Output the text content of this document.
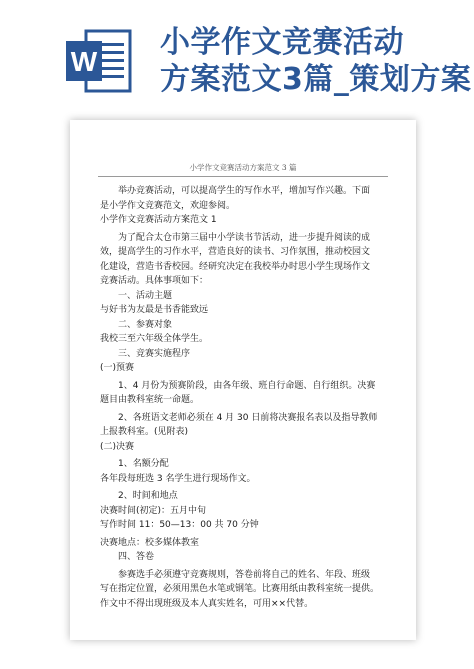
W
小学作文竞赛活动
方案范文3篇_策划方案
小学作文竞赛活动方案范文 3 篇

举办竞赛活动，可以提高学生的写作水平，增加写作兴趣。下面

是小学作文竞赛范文，欢迎参阅。

小学作文竞赛活动方案范文 1

为了配合太仓市第三届中小学读书节活动，进一步提升阅读的成

效，提高学生的习作水平，营造良好的读书、习作氛围，推动校园文

化建设，营造书香校园。经研究决定在我校举办时思小学生现场作文

竞赛活动。具体事项如下：

一、活动主题

与好书为友最是书香能致远

二、参赛对象

我校三至六年级全体学生。

三、竞赛实施程序

(一)预赛

1、4 月份为预赛阶段，由各年级、班自行命题、自行组织。决赛

题目由教科室统一命题。

2、各班语文老师必须在 4 月 30 日前将决赛报名表以及指导教师

上报教科室。(见附表)

(二)决赛

1、名额分配

各年段每班选 3 名学生进行现场作文。

2、时间和地点

决赛时间(初定)：五月中旬

写作时间 11：50—13：00 共 70 分钟

决赛地点：校多媒体教室

四、答卷

参赛选手必须遵守竞赛规则，答卷前将自己的姓名、年段、班级

写在指定位置，必须用黑色水笔或钢笔。比赛用纸由教科室统一提供。

作文中不得出现班级及本人真实姓名，可用××代替。
